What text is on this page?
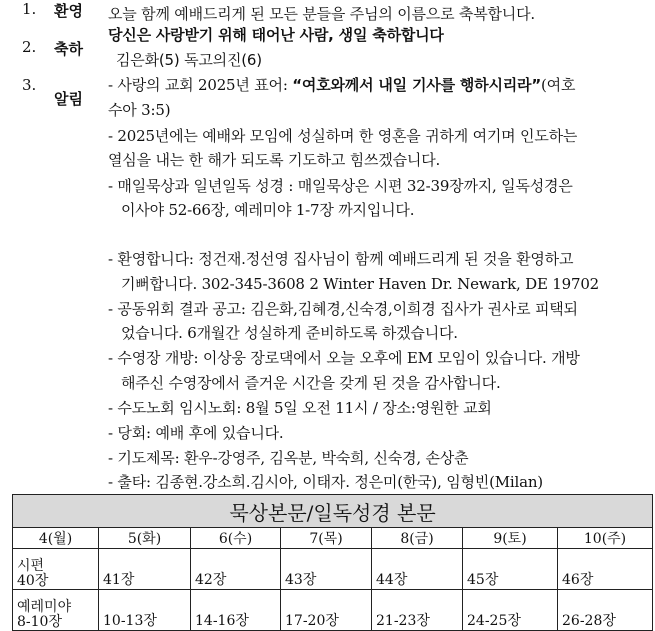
1. 환영
2. 축하
3.
알림
오늘 함께 예배드리게 된 모든 분들을 주님의 이름으로 축복합니다.
당신은 사랑받기 위해 태어난 사람, 생일 축하합니다
김은화(5) 독고의진(6)
- 사랑의 교회 2025년 표어: “여호와께서 내일 기사를 행하시리라”(여호
수아 3:5)
- 2025년에는 예배와 모임에 성실하며 한 영혼을 귀하게 여기며 인도하는
열심을 내는 한 해가 되도록 기도하고 힘쓰겠습니다.
- 매일묵상과 일년일독 성경 : 매일묵상은 시편 32-39장까지, 일독성경은
이사야 52-66장, 예레미야 1-7장 까지입니다.
- 환영합니다: 정건재.정선영 집사님이 함께 예배드리게 된 것을 환영하고
기뻐합니다. 302-345-3608 2 Winter Haven Dr. Newark, DE 19702
- 공동위회 결과 공고: 김은화,김혜경,신숙경,이희경 집사가 권사로 피택되
었습니다. 6개월간 성실하게 준비하도록 하겠습니다.
- 수영장 개방: 이상웅 장로댁에서 오늘 오후에 EM 모임이 있습니다. 개방
해주신 수영장에서 즐거운 시간을 갖게 된 것을 감사합니다.
- 수도노회 임시노회: 8월 5일 오전 11시 / 장소:영원한 교회
- 당회: 예배 후에 있습니다.
- 기도제목: 환우-강영주, 김옥분, 박숙희, 신숙경, 손상춘
- 출타: 김종현.강소희.김시아, 이태자. 정은미(한국), 임형빈(Milan)
묵상본문/일독성경 본문						
4(월)	5(화)	6(수)	7(목)	8(금)	9(토)	10(주)

시편
40장	41장	42장	43장	44장	45장	46장

예레미야
8-10장	10-13장	14-16장	17-20장	21-23장	24-25장	26-28장
